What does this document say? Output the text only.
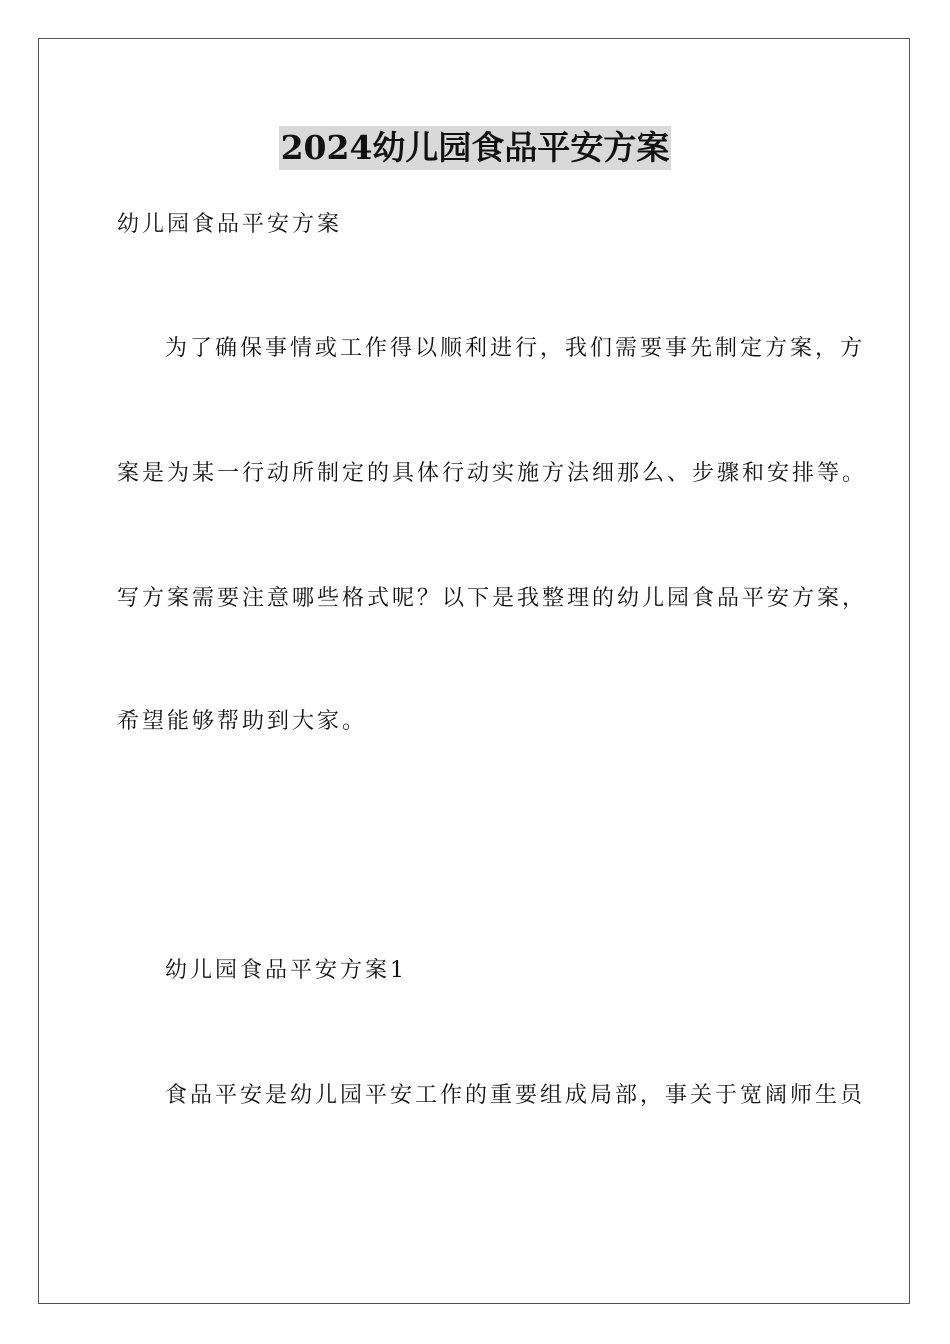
2024幼儿园食品平安方案
幼儿园食品平安方案
为了确保事情或工作得以顺利进行，我们需要事先制定方案，方
案是为某一行动所制定的具体行动实施方法细那么、步骤和安排等。
写方案需要注意哪些格式呢？以下是我整理的幼儿园食品平安方案，
希望能够帮助到大家。
幼儿园食品平安方案1
食品平安是幼儿园平安工作的重要组成局部，事关于宽阔师生员
